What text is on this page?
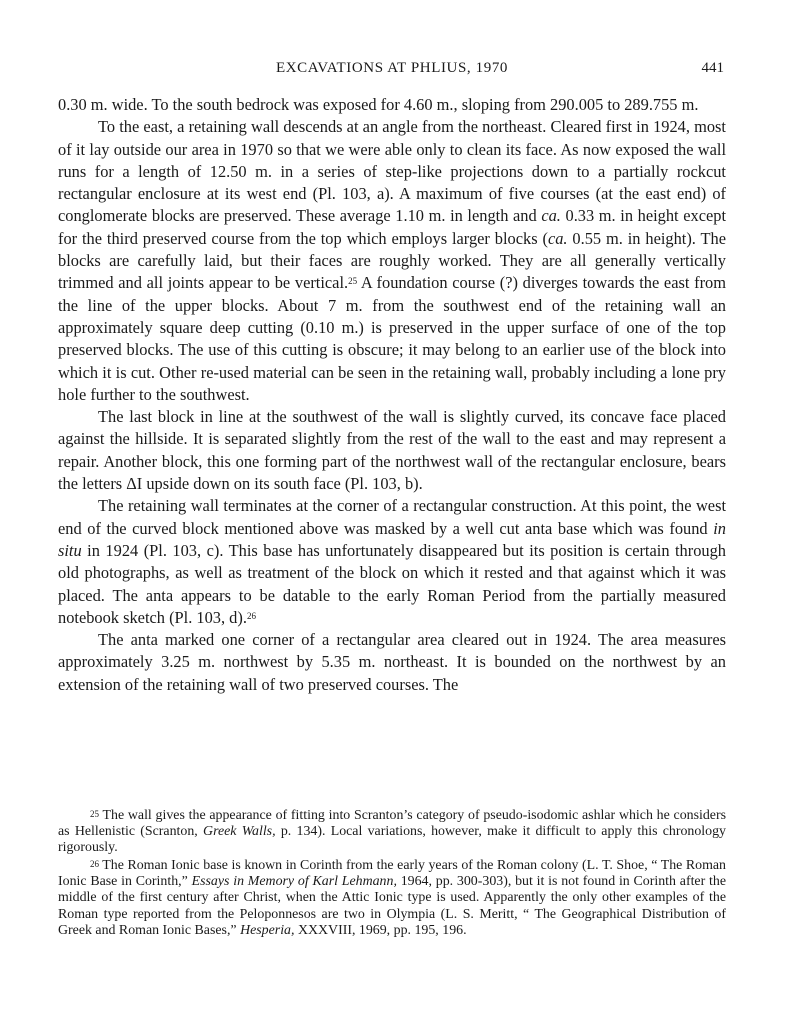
EXCAVATIONS AT PHLIUS, 1970	441

0.30 m. wide. To the south bedrock was exposed for 4.60 m., sloping from 290.005 to 289.755 m.

To the east, a retaining wall descends at an angle from the northeast. Cleared first in 1924, most of it lay outside our area in 1970 so that we were able only to clean its face. As now exposed the wall runs for a length of 12.50 m. in a series of step-like projections down to a partially rockcut rectangular enclosure at its west end (Pl. 103, a). A maximum of five courses (at the east end) of conglomerate blocks are preserved. These average 1.10 m. in length and ca. 0.33 m. in height except for the third preserved course from the top which employs larger blocks (ca. 0.55 m. in height). The blocks are carefully laid, but their faces are roughly worked. They are all generally vertically trimmed and all joints appear to be vertical.$^{25}$ A foundation course (?) diverges towards the east from the line of the upper blocks. About 7 m. from the southwest end of the retaining wall an approximately square deep cutting (0.10 m.) is preserved in the upper surface of one of the top preserved blocks. The use of this cutting is obscure; it may belong to an earlier use of the block into which it is cut. Other re-used material can be seen in the retaining wall, probably including a lone pry hole further to the southwest.

The last block in line at the southwest of the wall is slightly curved, its concave face placed against the hillside. It is separated slightly from the rest of the wall to the east and may represent a repair. Another block, this one forming part of the northwest wall of the rectangular enclosure, bears the letters ΔΙ upside down on its south face (Pl. 103, b).

The retaining wall terminates at the corner of a rectangular construction. At this point, the west end of the curved block mentioned above was masked by a well cut anta base which was found in situ in 1924 (Pl. 103, c). This base has unfortunately disappeared but its position is certain through old photographs, as well as treatment of the block on which it rested and that against which it was placed. The anta appears to be datable to the early Roman Period from the partially measured notebook sketch (Pl. 103, d).$^{26}$

The anta marked one corner of a rectangular area cleared out in 1924. The area measures approximately 3.25 m. northwest by 5.35 m. northeast. It is bounded on the northwest by an extension of the retaining wall of two preserved courses. The

$^{25}$ The wall gives the appearance of fitting into Scranton’s category of pseudo-isodomic ashlar which he considers as Hellenistic (Scranton, Greek Walls, p. 134). Local variations, however, make it difficult to apply this chronology rigorously.

$^{26}$ The Roman Ionic base is known in Corinth from the early years of the Roman colony (L. T. Shoe, “ The Roman Ionic Base in Corinth,” Essays in Memory of Karl Lehmann, 1964, pp. 300-303), but it is not found in Corinth after the middle of the first century after Christ, when the Attic Ionic type is used. Apparently the only other examples of the Roman type reported from the Peloponnesos are two in Olympia (L. S. Meritt, “ The Geographical Distribution of Greek and Roman Ionic Bases,” Hesperia, XXXVIII, 1969, pp. 195, 196.
